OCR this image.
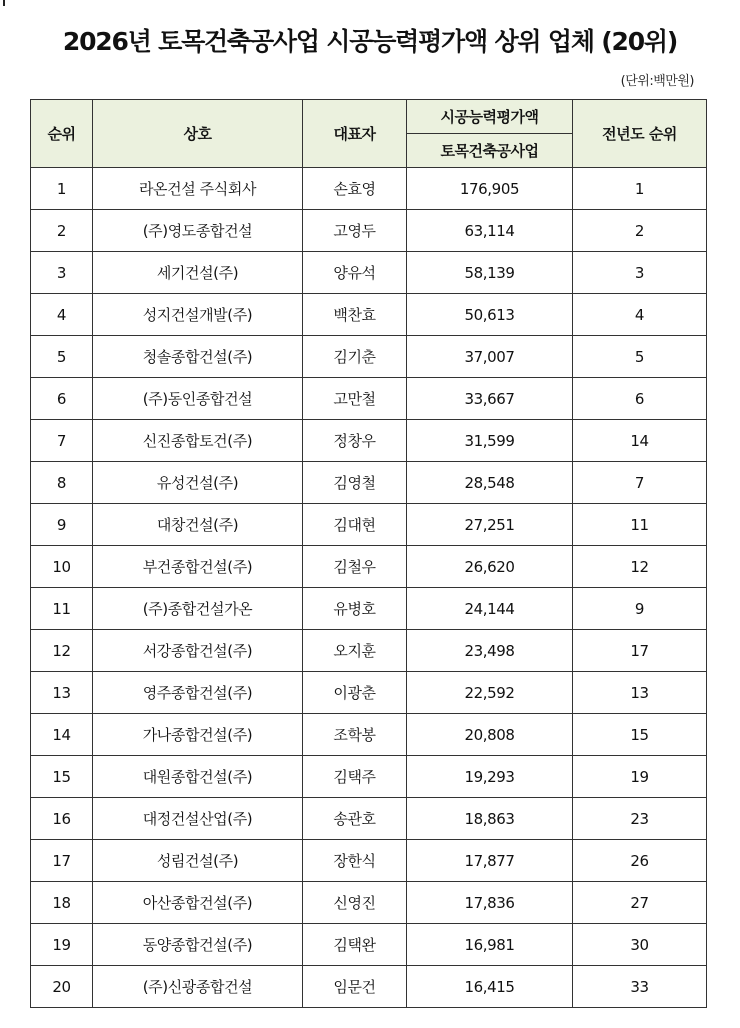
2026년 토목건축공사업 시공능력평가액 상위 업체 (20위)
(단위:백만원)
순위	상호	대표자	시공능력평가액	전년도 순위
			토목건축공사업	
1	라온건설 주식회사	손효영	176,905	1
2	(주)영도종합건설	고영두	63,114	2
3	세기건설(주)	양유석	58,139	3
4	성지건설개발(주)	백찬효	50,613	4
5	청솔종합건설(주)	김기춘	37,007	5
6	(주)동인종합건설	고만철	33,667	6
7	신진종합토건(주)	정창우	31,599	14
8	유성건설(주)	김영철	28,548	7
9	대창건설(주)	김대현	27,251	11
10	부건종합건설(주)	김철우	26,620	12
11	(주)종합건설가온	유병호	24,144	9
12	서강종합건설(주)	오지훈	23,498	17
13	영주종합건설(주)	이광춘	22,592	13
14	가나종합건설(주)	조학봉	20,808	15
15	대원종합건설(주)	김택주	19,293	19
16	대정건설산업(주)	송관호	18,863	23
17	성림건설(주)	장한식	17,877	26
18	아산종합건설(주)	신영진	17,836	27
19	동양종합건설(주)	김택완	16,981	30
20	(주)신광종합건설	임문건	16,415	33
